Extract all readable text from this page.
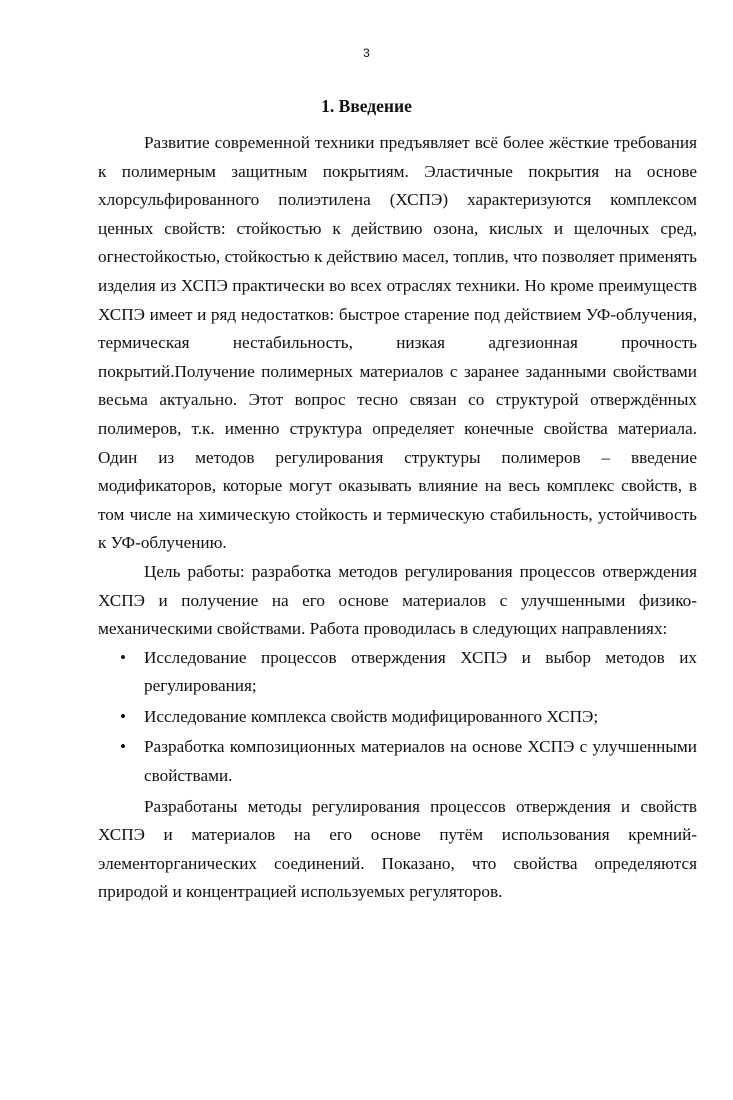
3
1. Введение

Развитие современной техники предъявляет всё более жёсткие требования к полимерным защитным покрытиям. Эластичные покрытия на основе хлорсульфированного полиэтилена (ХСПЭ) характеризуются комплексом ценных свойств: стойкостью к действию озона, кислых и щелочных сред, огнестойкостью, стойкостью к действию масел, топлив, что позволяет применять изделия из ХСПЭ практически во всех отраслях техники. Но кроме преимуществ ХСПЭ имеет и ряд недостатков: быстрое старение под действием УФ-облучения, термическая нестабильность, низкая адгезионная прочность покрытий.Получение полимерных материалов с заранее заданными свойствами весьма актуально. Этот вопрос тесно связан со структурой отверждённых полимеров, т.к. именно структура определяет конечные свойства материала. Один из методов регулирования структуры полимеров – введение модификаторов, которые могут оказывать влияние на весь комплекс свойств, в том числе на химическую стойкость и термическую стабильность, устойчивость к УФ-облучению.

Цель работы: разработка методов регулирования процессов отверждения ХСПЭ и получение на его основе материалов с улучшенными физико-механическими свойствами. Работа проводилась в следующих направлениях:

• Исследование процессов отверждения ХСПЭ и выбор методов их регулирования;
• Исследование комплекса свойств модифицированного ХСПЭ;
• Разработка композиционных материалов на основе ХСПЭ с улучшенными свойствами.

Разработаны методы регулирования процессов отверждения и свойств ХСПЭ и материалов на его основе путём использования кремний-элементорганических соединений. Показано, что свойства определяются природой и концентрацией используемых регуляторов.
